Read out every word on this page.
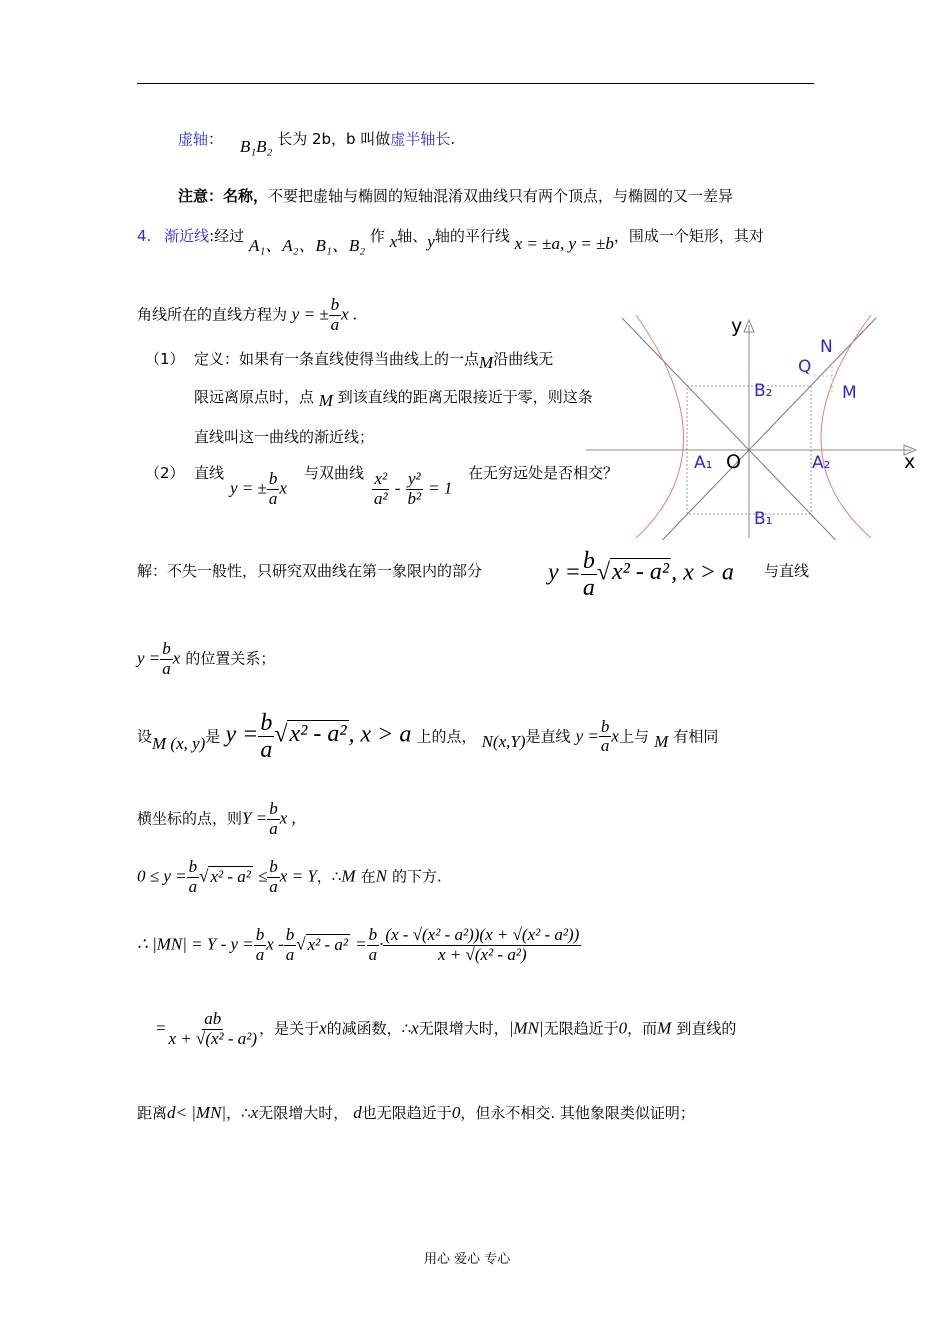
虚轴： B₁B₂ 长为 2b，b 叫做虚半轴长.
注意：名称，不要把虚轴与椭圆的短轴混淆双曲线只有两个顶点，与椭圆的又一差异
4. 渐近线:经过 A₁、A₂、B₁、B₂ 作 x轴、y轴的平行线 x = ±a, y = ±b，围成一个矩形，其对
角线所在的直线方程为 y = ± $\frac{b}{a}$ x .
（1） 定义：如果有一条直线使得当曲线上的一点M沿曲线无
限远离原点时，点 M 到该直线的距离无限接近于零，则这条
直线叫这一曲线的渐近线；
（2） 直线
y = ± $\frac{b}{a}$ x
与双曲线 $\frac{\text{x²}}{\text{a²}} - \frac{\text{y²}}{\text{b²}} = 1$
在无穷远处是否相交？
解：不失一般性，只研究双曲线在第一象限内的部分	$y = \frac{b}{a} √x^2 - a^2$, x > a 与直线
$y = \frac{b}{a}$ x 的位置关系；
设M (x, y)是 $y = \frac{b}{a} √x^2 - a^2$, x > a 上的点， N(x,Y)是直线 $y = \frac{b}{a}$ x上与 M 有相同
横坐标的点，则$Y = \frac{b}{a}$ x ,
$0 \le y = \frac{b}{a}$ √ $x^2 - a^2 \le \frac{b}{a}$ x = Y，∴M 在N 的下方.
∴ $|MN| = Y - y = \frac{b}{a}$ x - $\frac{b}{a}$ √ $x^2 - a^2 = \frac{b}{a} \cdot \frac{\text{(x - √(x² - a²))(x + √(x² - a²))}}{\text{x + √(x² - a²)}}$
= $\frac{ab}{\text{x + √(x² - a²)}}$ ，是关于x的减函数，∴x无限增大时，|MN|无限趋近于0，而M 到直线的
距离d< |MN|，∴x无限增大时， d也无限趋近于0，但永不相交. 其他象限类似证明；
y
x
O
A₁	A₂
B₂
B₁
Q
N
M
用心 爱心 专心
